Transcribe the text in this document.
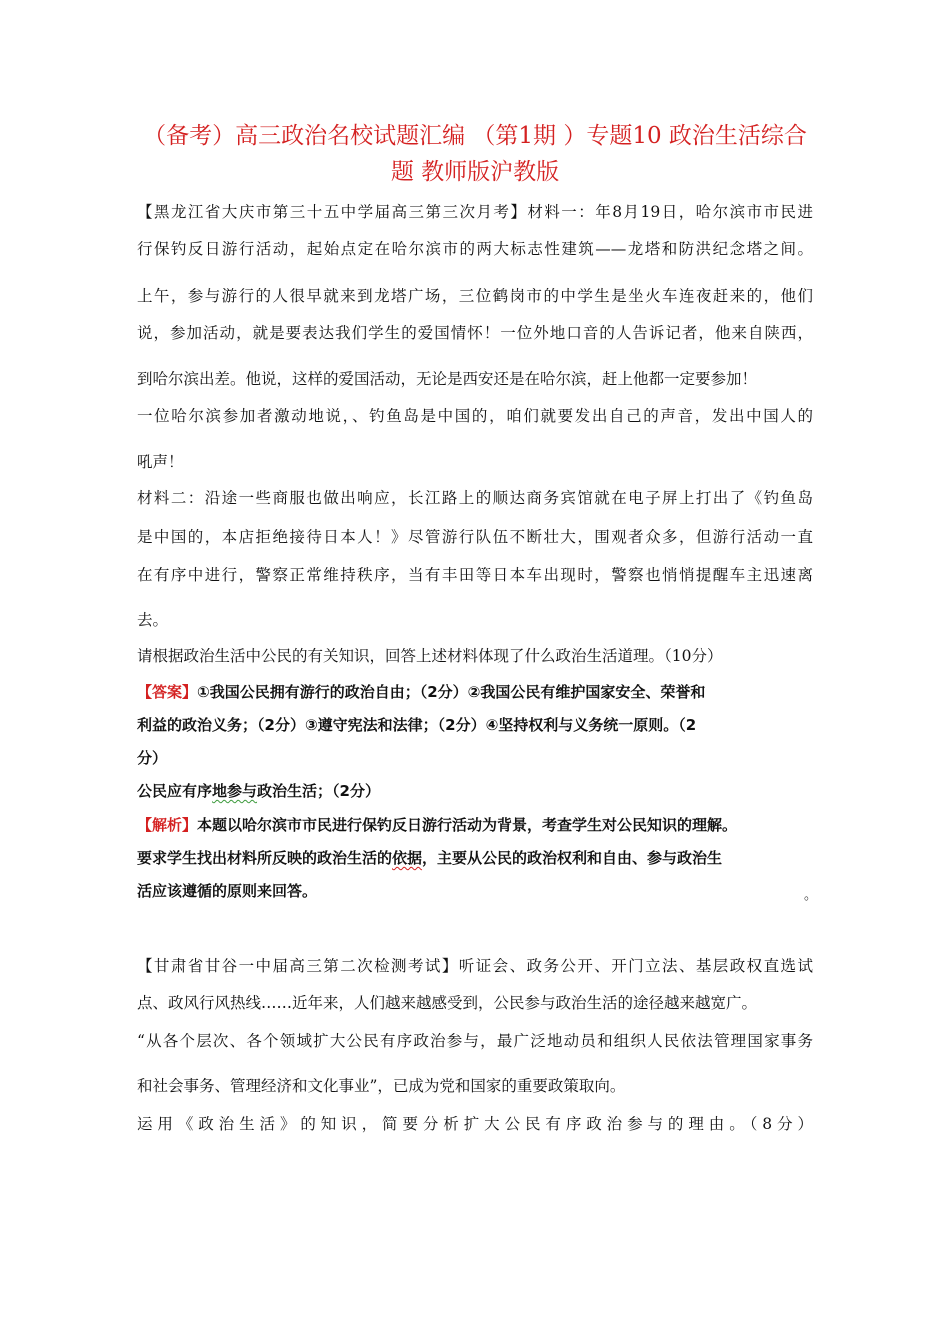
（备考）高三政治名校试题汇编 （第1期 ）专题10 政治生活综合
题 教师版沪教版
【黑龙江省大庆市第三十五中学届高三第三次月考】材料一：年8月19日，哈尔滨市市民进
行保钓反日游行活动，起始点定在哈尔滨市的两大标志性建筑——龙塔和防洪纪念塔之间。
上午，参与游行的人很早就来到龙塔广场，三位鹤岗市的中学生是坐火车连夜赶来的，他们
说，参加活动，就是要表达我们学生的爱国情怀！一位外地口音的人告诉记者，他来自陕西，
到哈尔滨出差。他说，这样的爱国活动，无论是西安还是在哈尔滨，赶上他都一定要参加！
一位哈尔滨参加者激动地说，、钓鱼岛是中国的，咱们就要发出自己的声音，发出中国人的
吼声！
材料二：沿途一些商服也做出响应，长江路上的顺达商务宾馆就在电子屏上打出了《钓鱼岛
是中国的，本店拒绝接待日本人！》尽管游行队伍不断壮大，围观者众多，但游行活动一直
在有序中进行，警察正常维持秩序，当有丰田等日本车出现时，警察也悄悄提醒车主迅速离
去。
请根据政治生活中公民的有关知识，回答上述材料体现了什么政治生活道理。（10分）
【答案】①我国公民拥有游行的政治自由；（2分）②我国公民有维护国家安全、荣誉和
利益的政治义务；（2分）③遵守宪法和法律；（2分）④坚持权利与义务统一原则。（2
分）
公民应有序地参与政治生活；（2分）
【解析】本题以哈尔滨市市民进行保钓反日游行活动为背景，考查学生对公民知识的理解。
要求学生找出材料所反映的政治生活的依据，主要从公民的政治权利和自由、参与政治生
活应该遵循的原则来回答。	。
【甘肃省甘谷一中届高三第二次检测考试】听证会、政务公开、开门立法、基层政权直选试
点、政风行风热线……近年来，人们越来越感受到，公民参与政治生活的途径越来越宽广。
“从各个层次、各个领域扩大公民有序政治参与，最广泛地动员和组织人民依法管理国家事务
和社会事务、管理经济和文化事业”，已成为党和国家的重要政策取向。
运用《政治生活》的知识，简要分析扩大公民有序政治参与的理由。（8分）
